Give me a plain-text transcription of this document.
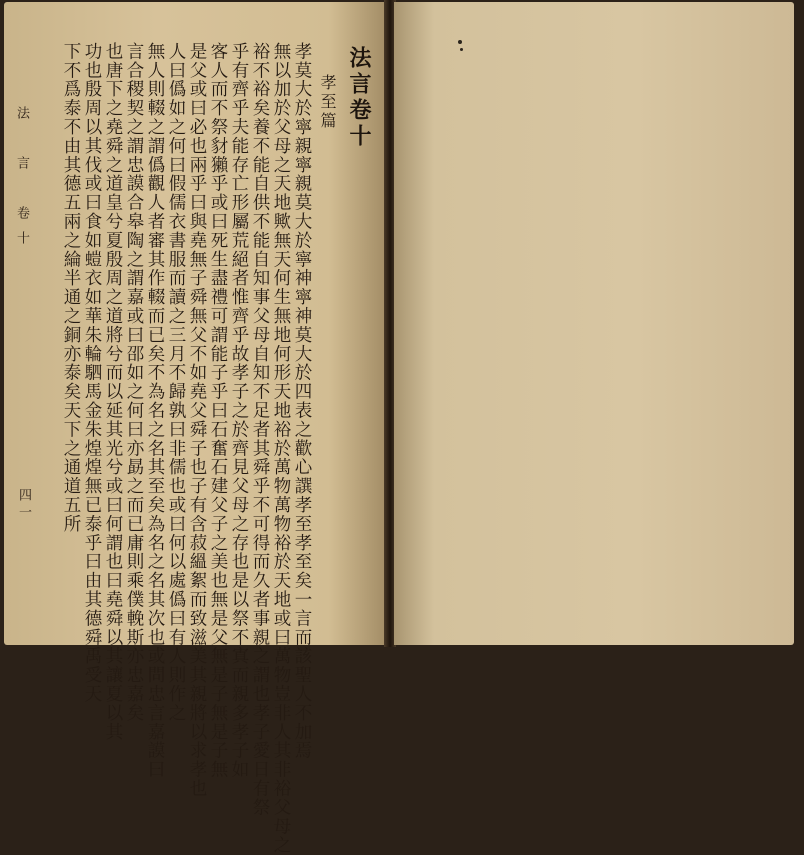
法言卷十
孝至篇
孝莫大於寧親寧親莫大於寧神寧神莫大於四表之歡心譔孝至孝至矣一言而該聖人不加焉
無以加於父母之天地歟無天何生無地何形天地裕於萬物萬物裕於天地或曰萬物豈非人其非裕父母之
裕不裕矣養不能自供不能自知事父母自知不足者其舜乎不可得而久者事親之謂也孝子愛日有祭
乎有齊乎夫能存亡形屬荒絕者惟齊乎故孝子之於齊見父母之存也是以祭不寘而親多孝子如
客人而不祭豺獺乎或曰死生盡禮可謂能子乎曰石奮石建父子之美也無是父無是子無是子無
是父或曰必也兩乎曰與堯無子舜無父不如堯父舜子也子有含菽縕絮而致滋美其親將以求孝也
人曰僞如之何曰假儒衣書服而讀之三月不歸孰曰非儒也或曰何以處僞曰有人則作之
無人則輟之謂僞觀人者審其作輟而已矣不為名之名其至矣為名之名其次也或問忠言嘉謨曰
言合稷契之謂忠謨合皋陶之謂嘉或曰邵如之何曰亦勗之而已庸則乘僕輓斯亦忠嘉矣
也唐下之堯舜之道皇兮夏殷周之道將兮而以延其光兮或曰何謂也曰堯舜以其讓夏以其
功也殷周以其伐或曰食如螘衣如華朱輪駟馬金朱煌煌無已泰乎曰由其德舜禹受天
下不爲泰不由其德五兩之綸半通之銅亦泰矣天下之通道五所
法　言　卷十
四一
